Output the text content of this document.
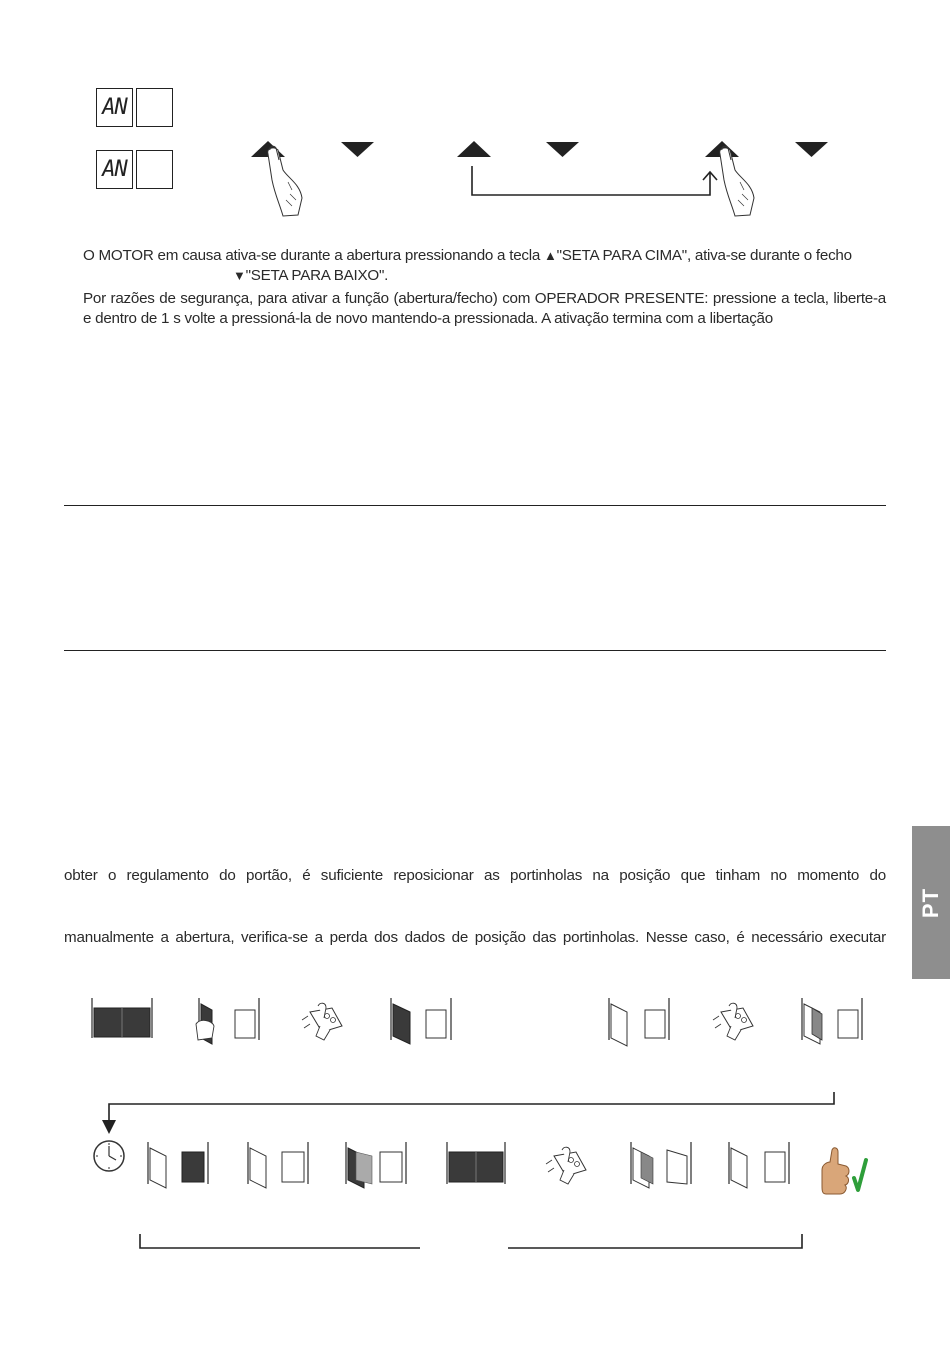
AN
AN
O MOTOR em causa ativa-se durante a abertura pressionando a tecla ▲"SETA PARA CIMA", ativa-se durante o fecho
▼"SETA PARA BAIXO".
Por razões de segurança, para ativar a função (abertura/fecho) com OPERADOR PRESENTE: pressione a tecla, liberte-a e dentro de 1 s volte a pressioná-la de novo mantendo-a pressionada. A ativação termina com a libertação
obter o regulamento do portão, é suficiente reposicionar as portinholas na posição que tinham no momento do
manualmente a abertura, verifica-se a perda dos dados de posição das portinholas. Nesse caso, é necessário executar
PT
